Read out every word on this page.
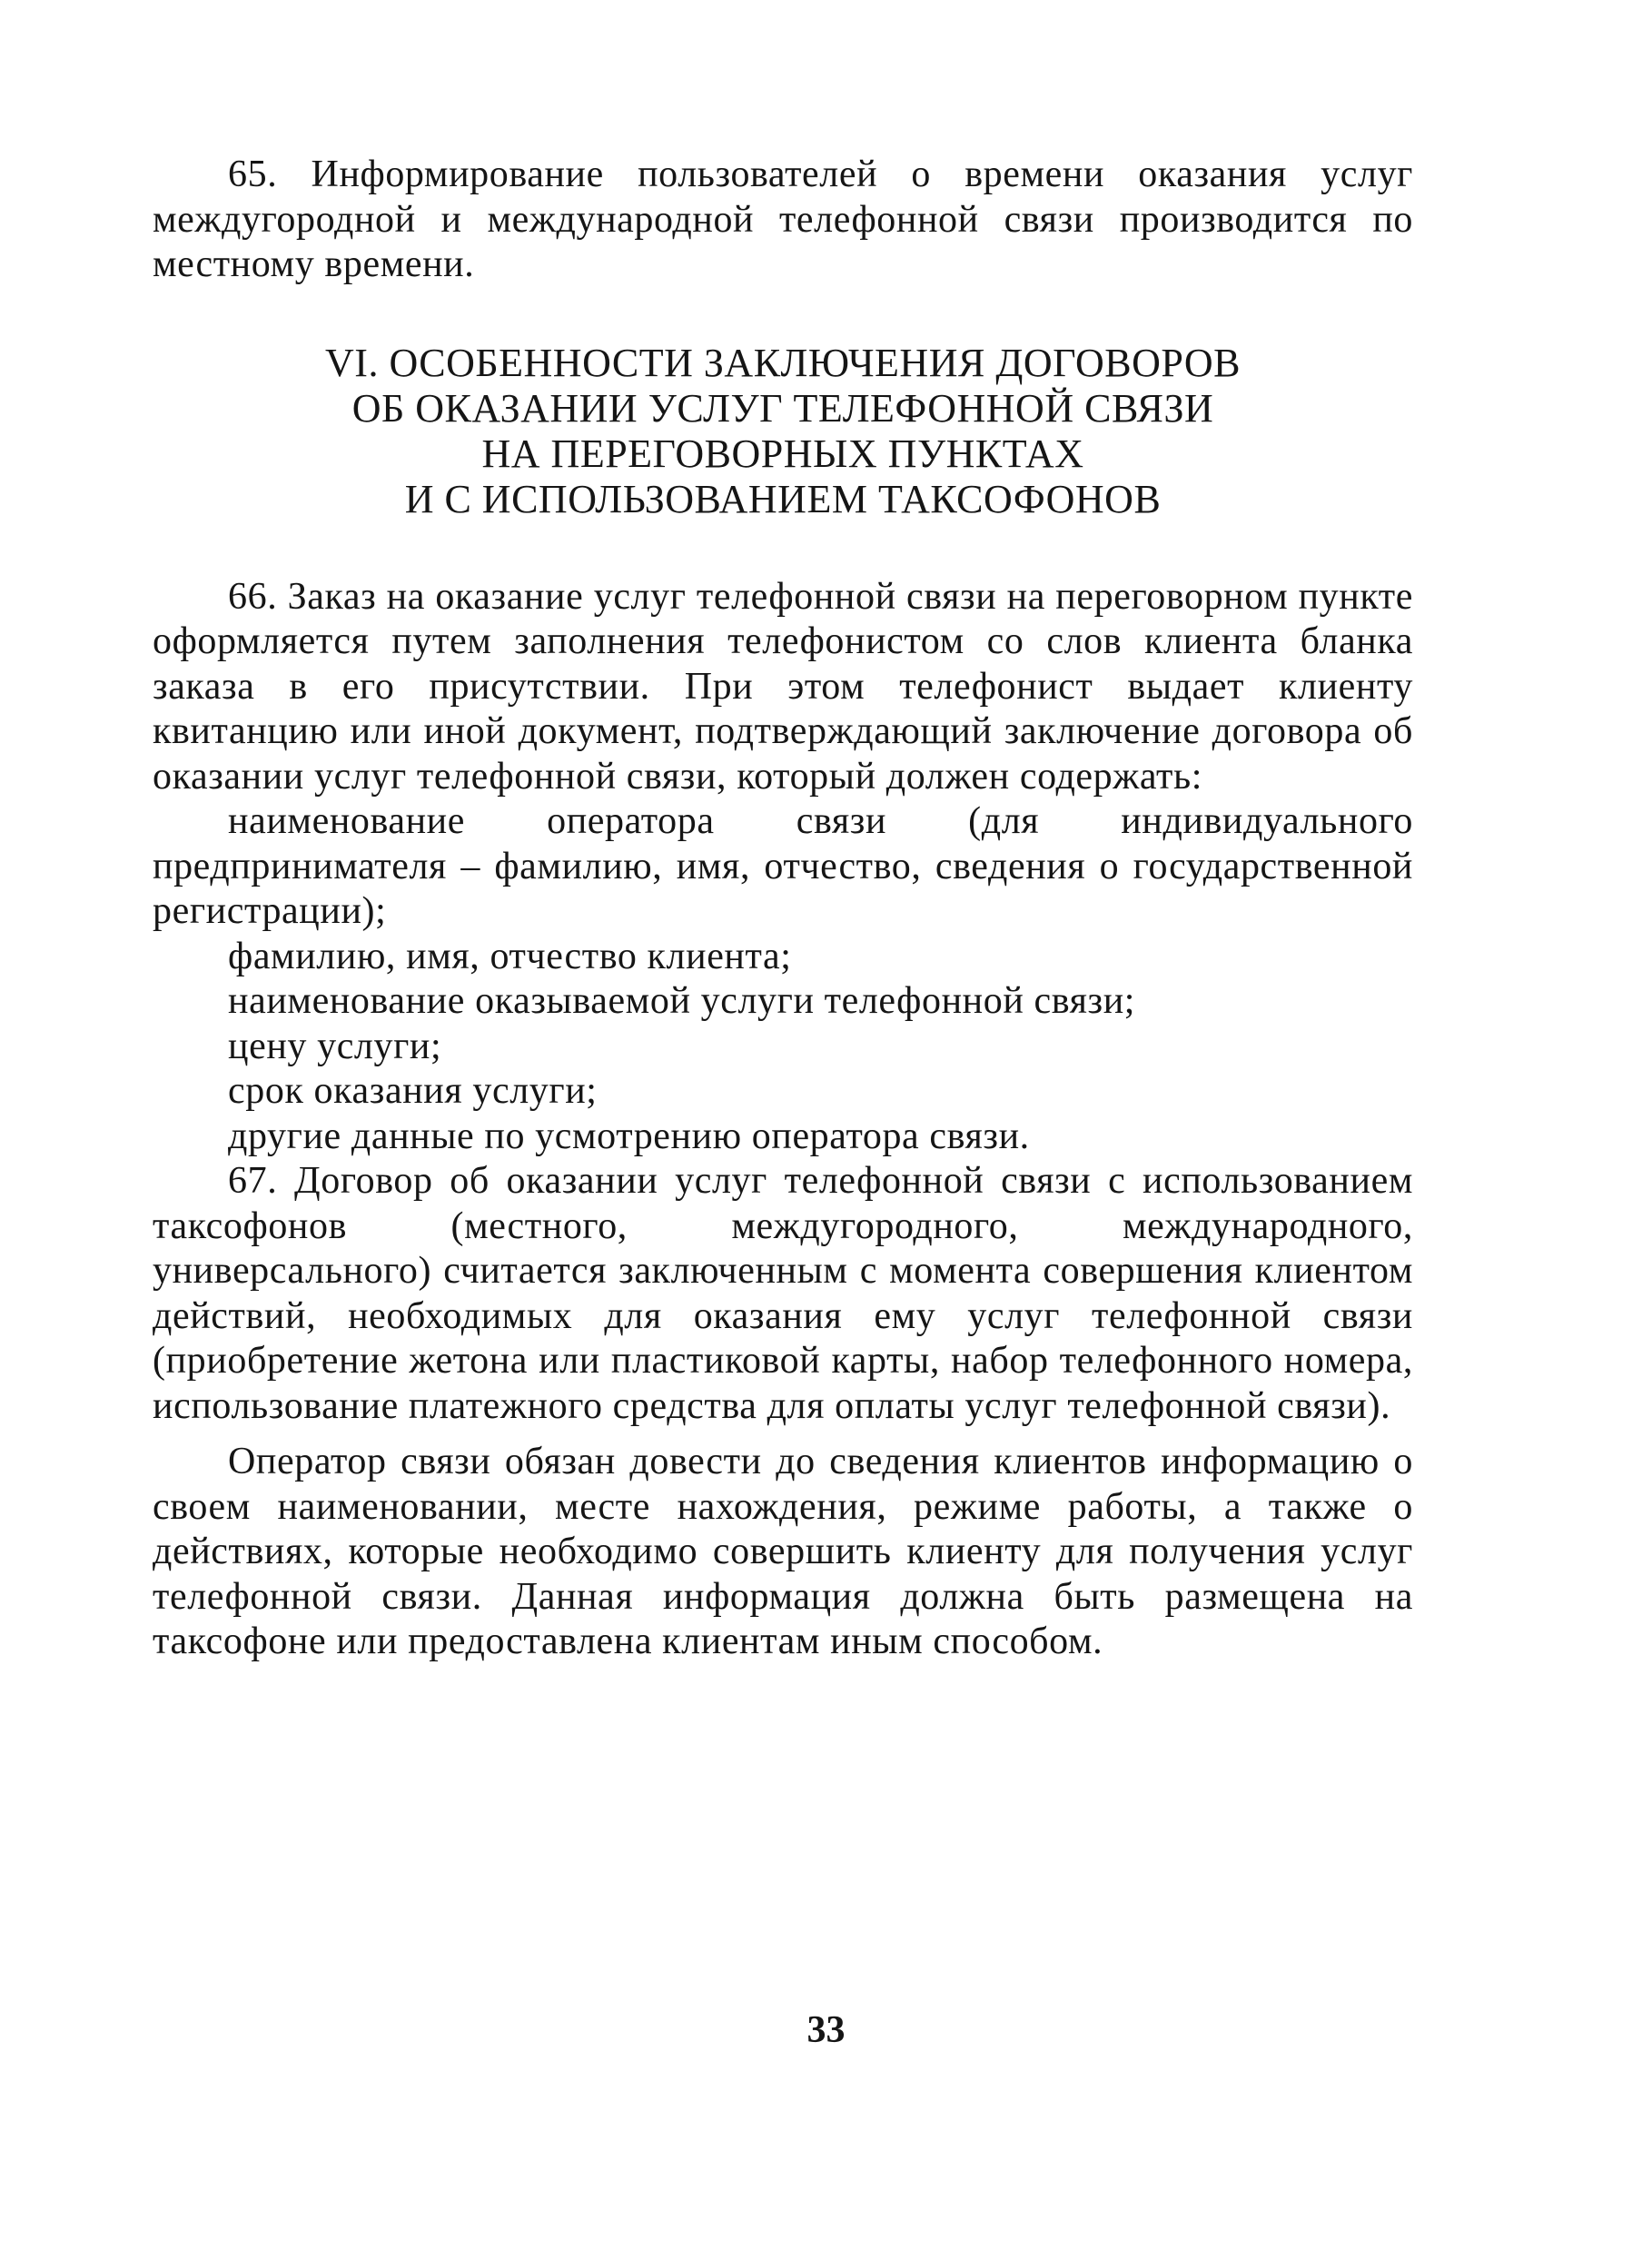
65. Информирование пользователей о времени оказания услуг междугородной и международной телефонной связи производится по местному времени.

VI. ОСОБЕННОСТИ ЗАКЛЮЧЕНИЯ ДОГОВОРОВ
ОБ ОКАЗАНИИ УСЛУГ ТЕЛЕФОННОЙ СВЯЗИ
НА ПЕРЕГОВОРНЫХ ПУНКТАХ
И С ИСПОЛЬЗОВАНИЕМ ТАКСОФОНОВ

66. Заказ на оказание услуг телефонной связи на переговорном пункте оформляется путем заполнения телефонистом со слов клиента бланка заказа в его присутствии. При этом телефонист выдает клиенту квитанцию или иной документ, подтверждающий заключение договора об оказании услуг телефонной связи, который должен содержать:

наименование оператора связи (для индивидуального предпринимателя – фамилию, имя, отчество, сведения о государственной регистрации);

фамилию, имя, отчество клиента;

наименование оказываемой услуги телефонной связи;

цену услуги;

срок оказания услуги;

другие данные по усмотрению оператора связи.

67. Договор об оказании услуг телефонной связи с использованием таксофонов (местного, междугородного, международного, универсального) считается заключенным с момента совершения клиентом действий, необходимых для оказания ему услуг телефонной связи (приобретение жетона или пластиковой карты, набор телефонного номера, использование платежного средства для оплаты услуг телефонной связи).

Оператор связи обязан довести до сведения клиентов информацию о своем наименовании, месте нахождения, режиме работы, а также о действиях, которые необходимо совершить клиенту для получения услуг телефонной связи. Данная информация должна быть размещена на таксофоне или предоставлена клиентам иным способом.

33
